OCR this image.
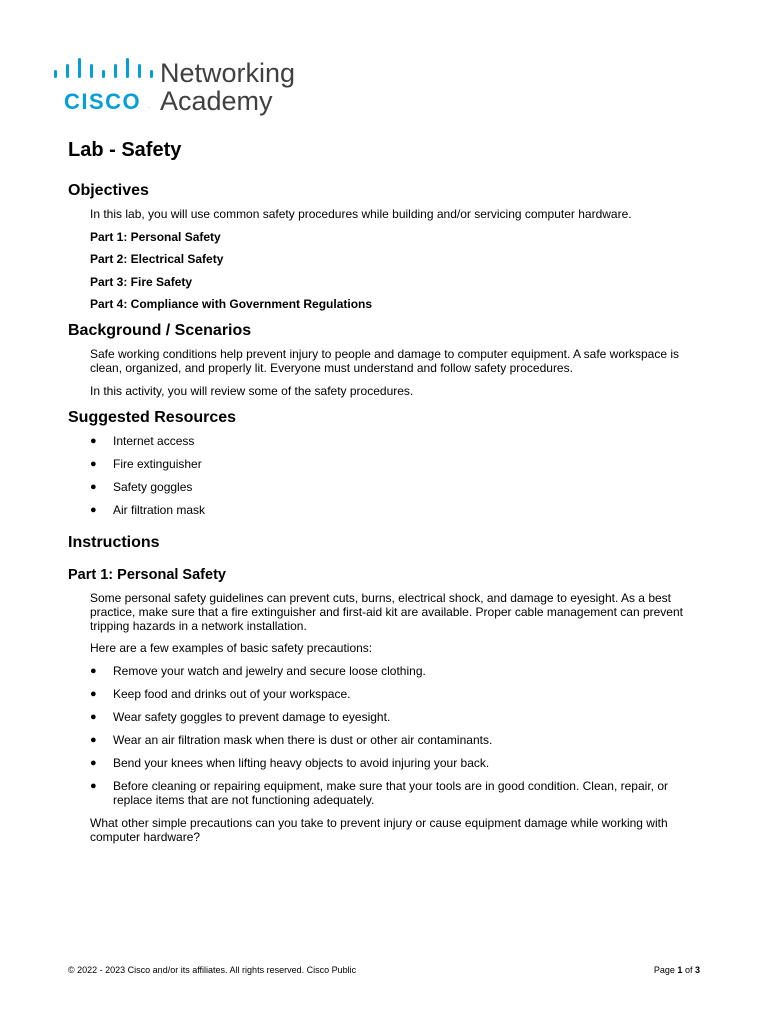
CISCO .
Networking
Academy
Lab - Safety
Objectives

In this lab, you will use common safety procedures while building and/or servicing computer hardware.

Part 1: Personal Safety

Part 2: Electrical Safety

Part 3: Fire Safety

Part 4: Compliance with Government Regulations

Background / Scenarios

Safe working conditions help prevent injury to people and damage to computer equipment. A safe workspace is clean, organized, and properly lit. Everyone must understand and follow safety procedures.

In this activity, you will review some of the safety procedures.

Suggested Resources
● Internet access
● Fire extinguisher
● Safety goggles
● Air filtration mask
Instructions
Part 1: Personal Safety

Some personal safety guidelines can prevent cuts, burns, electrical shock, and damage to eyesight. As a best practice, make sure that a fire extinguisher and first-aid kit are available. Proper cable management can prevent tripping hazards in a network installation.

Here are a few examples of basic safety precautions:

● Remove your watch and jewelry and secure loose clothing.
● Keep food and drinks out of your workspace.
● Wear safety goggles to prevent damage to eyesight.
● Wear an air filtration mask when there is dust or other air contaminants.
● Bend your knees when lifting heavy objects to avoid injuring your back.
● Before cleaning or repairing equipment, make sure that your tools are in good condition. Clean, repair, or replace items that are not functioning adequately.

What other simple precautions can you take to prevent injury or cause equipment damage while working with computer hardware?

© 2022 - 2023 Cisco and/or its affiliates. All rights reserved. Cisco Public	Page 1 of 3
